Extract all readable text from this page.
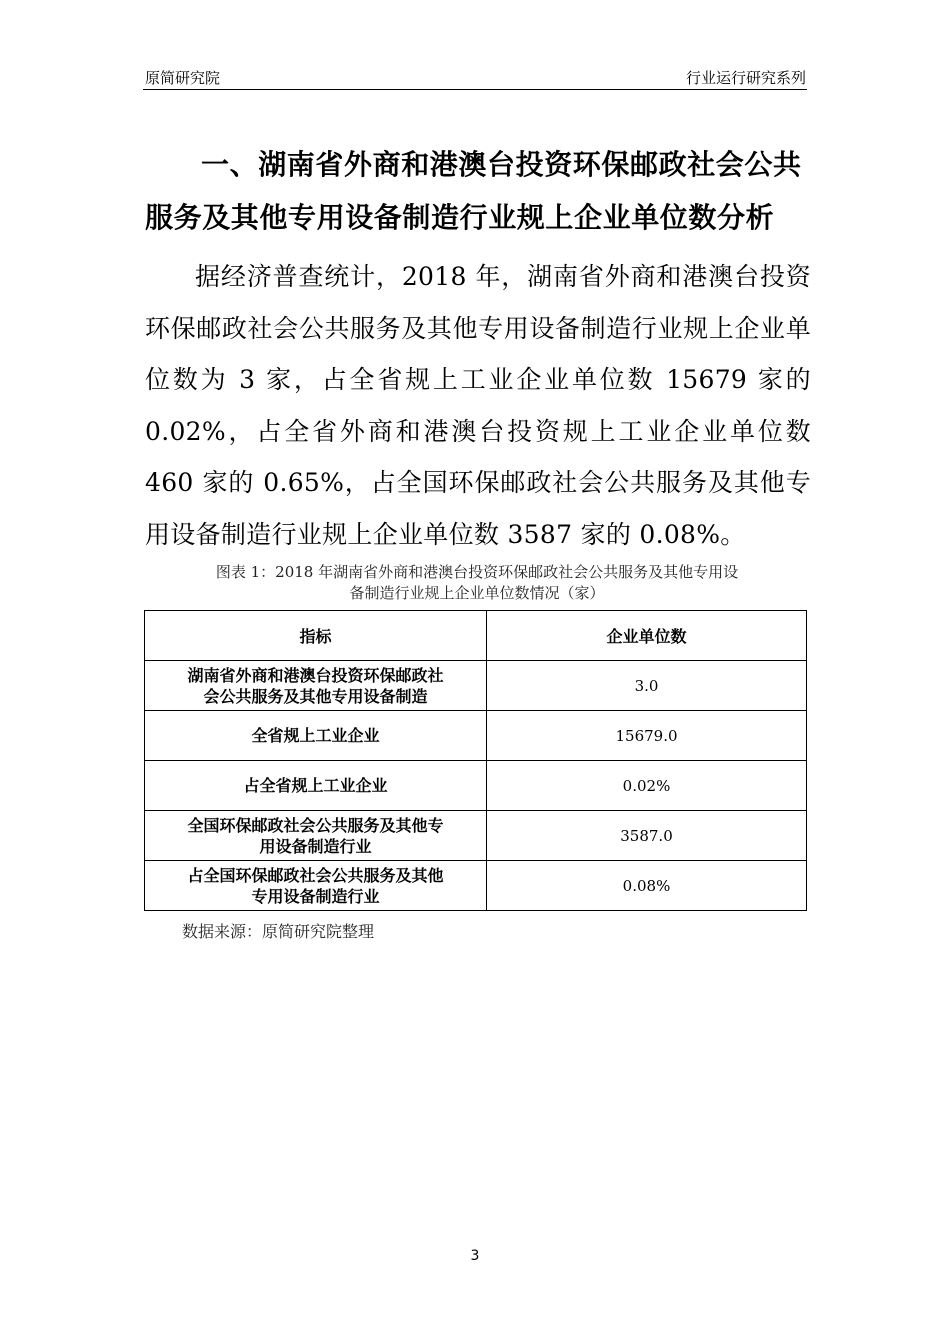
原简研究院	行业运行研究系列
一、湖南省外商和港澳台投资环保邮政社会公共服务及其他专用设备制造行业规上企业单位数分析

据经济普查统计，2018 年，湖南省外商和港澳台投资环保邮政社会公共服务及其他专用设备制造行业规上企业单位数为 3 家，占全省规上工业企业单位数 15679 家的 0.02%，占全省外商和港澳台投资规上工业企业单位数 460 家的 0.65%，占全国环保邮政社会公共服务及其他专用设备制造行业规上企业单位数 3587 家的 0.08%。

图表 1：2018 年湖南省外商和港澳台投资环保邮政社会公共服务及其他专用设
备制造行业规上企业单位数情况（家）
指标	企业单位数

湖南省外商和港澳台投资环保邮政社
会公共服务及其他专用设备制造	3.0

全省规上工业企业	15679.0

占全省规上工业企业	0.02%

全国环保邮政社会公共服务及其他专
用设备制造行业	3587.0

占全国环保邮政社会公共服务及其他
专用设备制造行业	0.08%
数据来源：原简研究院整理
3
